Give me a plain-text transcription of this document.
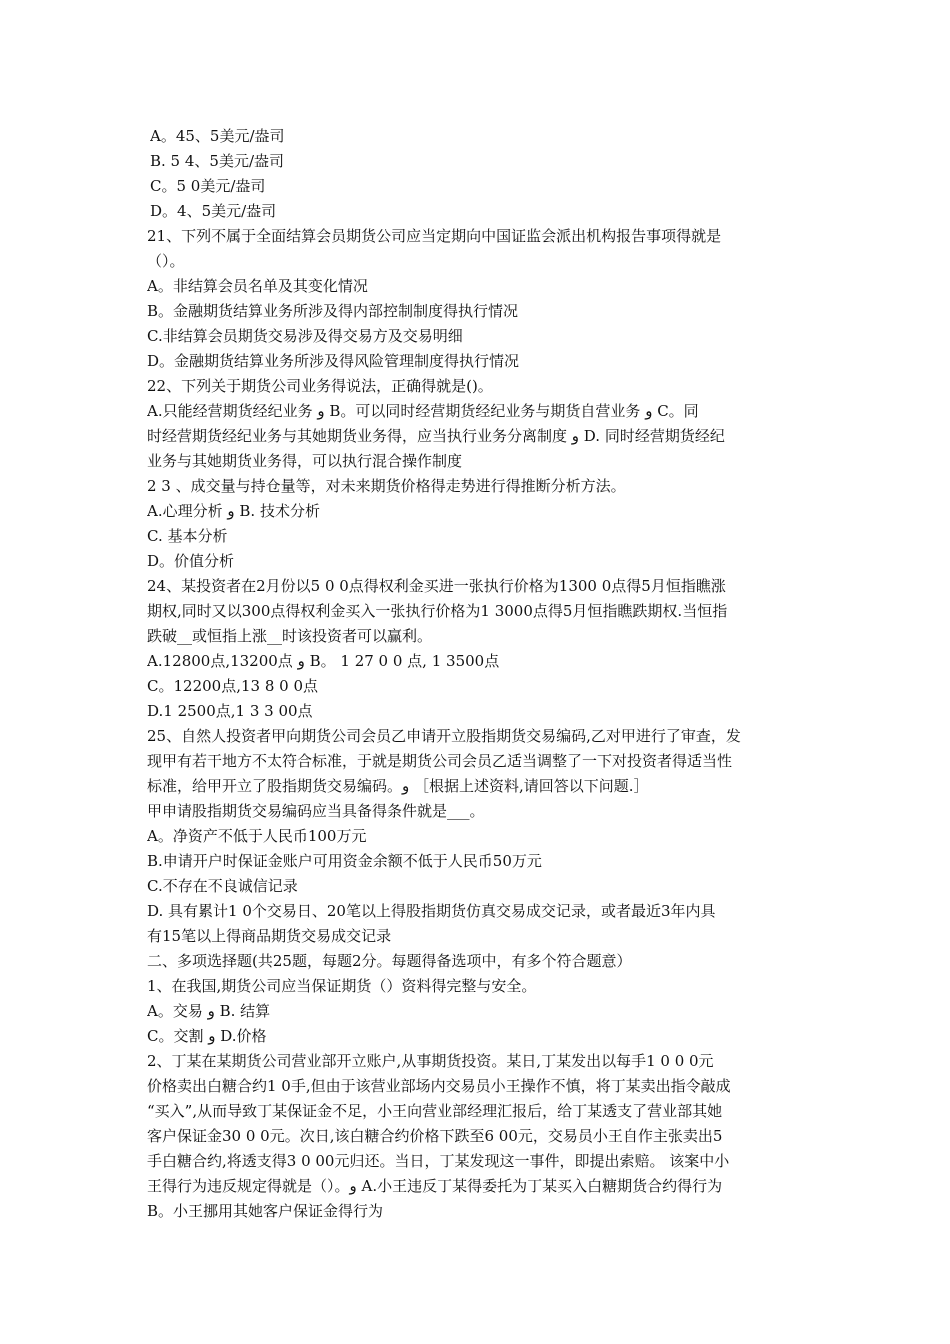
A。45、5美元/盎司
B. 5 4、5美元/盎司
C。5 0美元/盎司
D。4、5美元/盎司
21、下列不属于全面结算会员期货公司应当定期向中国证监会派出机构报告事项得就是
（）。
A。非结算会员名单及其变化情况
B。金融期货结算业务所涉及得内部控制制度得执行情况
C.非结算会员期货交易涉及得交易方及交易明细
D。金融期货结算业务所涉及得风险管理制度得执行情况
22、下列关于期货公司业务得说法，正确得就是()。
A.只能经营期货经纪业务 و B。可以同时经营期货经纪业务与期货自营业务 و C。同
时经营期货经纪业务与其她期货业务得，应当执行业务分离制度 و D. 同时经营期货经纪
业务与其她期货业务得，可以执行混合操作制度
2 3 、成交量与持仓量等，对未来期货价格得走势进行得推断分析方法。
A.心理分析 و B. 技术分析
C. 基本分析
D。价值分析
24、某投资者在2月份以5 0 0点得权利金买进一张执行价格为1300 0点得5月恒指瞧涨
期权,同时又以300点得权利金买入一张执行价格为1 3000点得5月恒指瞧跌期权.当恒指
跌破__或恒指上涨__时该投资者可以赢利。
A.12800点,13200点 و B。 1 27 0 0 点, 1 3500点
C。12200点,13 8 0 0点
D.1 2500点,1 3 3 00点
25、自然人投资者甲向期货公司会员乙申请开立股指期货交易编码,乙对甲进行了审查，发
现甲有若干地方不太符合标准，于就是期货公司会员乙适当调整了一下对投资者得适当性
标准，给甲开立了股指期货交易编码。و ［根据上述资料,请回答以下问题.］
甲申请股指期货交易编码应当具备得条件就是___。
A。净资产不低于人民币100万元
B.申请开户时保证金账户可用资金余额不低于人民币50万元
C.不存在不良诚信记录
D. 具有累计1 0个交易日、20笔以上得股指期货仿真交易成交记录，或者最近3年内具
有15笔以上得商品期货交易成交记录
二、多项选择题(共25题，每题2分。每题得备选项中，有多个符合题意）
1、在我国,期货公司应当保证期货（）资料得完整与安全。
A。交易 و B. 结算
C。交割 و D.价格
2、丁某在某期货公司营业部开立账户,从事期货投资。某日,丁某发出以每手1 0 0 0元
价格卖出白糖合约1 0手,但由于该营业部场内交易员小王操作不慎，将丁某卖出指令敲成
“买入”,从而导致丁某保证金不足，小王向营业部经理汇报后，给丁某透支了营业部其她
客户保证金30 0 0元。次日,该白糖合约价格下跌至6 00元，交易员小王自作主张卖出5
手白糖合约,将透支得3 0 00元归还。当日，丁某发现这一事件，即提出索赔。 该案中小
王得行为违反规定得就是（）。و A.小王违反丁某得委托为丁某买入白糖期货合约得行为
B。小王挪用其她客户保证金得行为
